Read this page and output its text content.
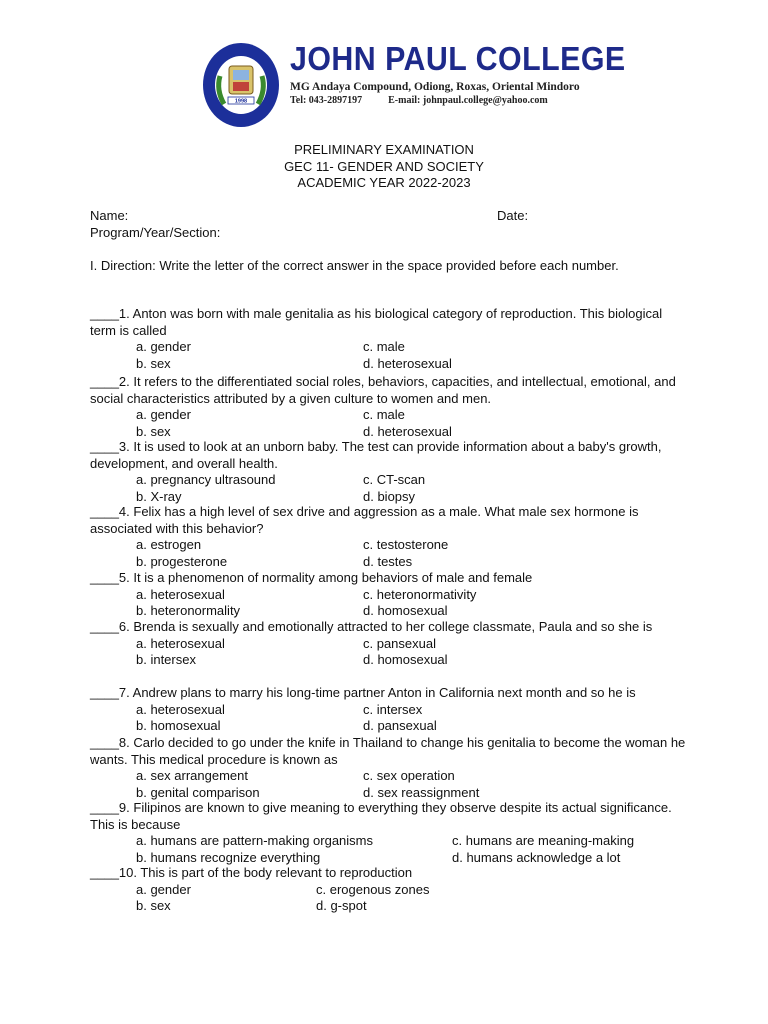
1998
JOHN PAUL COLLEGE
MG Andaya Compound, Odiong, Roxas, Oriental Mindoro
Tel: 043-2897197	E-mail: johnpaul.college@yahoo.com
PRELIMINARY EXAMINATION
GEC 11- GENDER AND SOCIETY
ACADEMIC YEAR 2022-2023
Name:	Date:
Program/Year/Section:
I. Direction: Write the letter of the correct answer in the space provided before each number.
____1. Anton was born with male genitalia as his biological category of reproduction. This biological term is called
a. gender	c. male
b. sex	d. heterosexual
____2. It refers to the differentiated social roles, behaviors, capacities, and intellectual, emotional, and social characteristics attributed by a given culture to women and men.
a. gender	c. male
b. sex	d. heterosexual
____3. It is used to look at an unborn baby. The test can provide information about a baby's growth, development, and overall health.
a. pregnancy ultrasound	c. CT-scan
b. X-ray	d. biopsy
____4. Felix has a high level of sex drive and aggression as a male. What male sex hormone is associated with this behavior?
a. estrogen	c. testosterone
b. progesterone	d. testes
____5. It is a phenomenon of normality among behaviors of male and female
a. heterosexual	c. heteronormativity
b. heteronormality	d. homosexual
____6. Brenda is sexually and emotionally attracted to her college classmate, Paula and so she is
a. heterosexual	c. pansexual
b. intersex	d. homosexual
____7. Andrew plans to marry his long-time partner Anton in California next month and so he is
a. heterosexual	c. intersex
b. homosexual	d. pansexual
____8. Carlo decided to go under the knife in Thailand to change his genitalia to become the woman he wants. This medical procedure is known as
a. sex arrangement	c. sex operation
b. genital comparison	d. sex reassignment
____9. Filipinos are known to give meaning to everything they observe despite its actual significance. This is because
a. humans are pattern-making organisms	c. humans are meaning-making
b. humans recognize everything	d. humans acknowledge a lot
____10. This is part of the body relevant to reproduction
a. gender	c. erogenous zones
b. sex	d. g-spot
